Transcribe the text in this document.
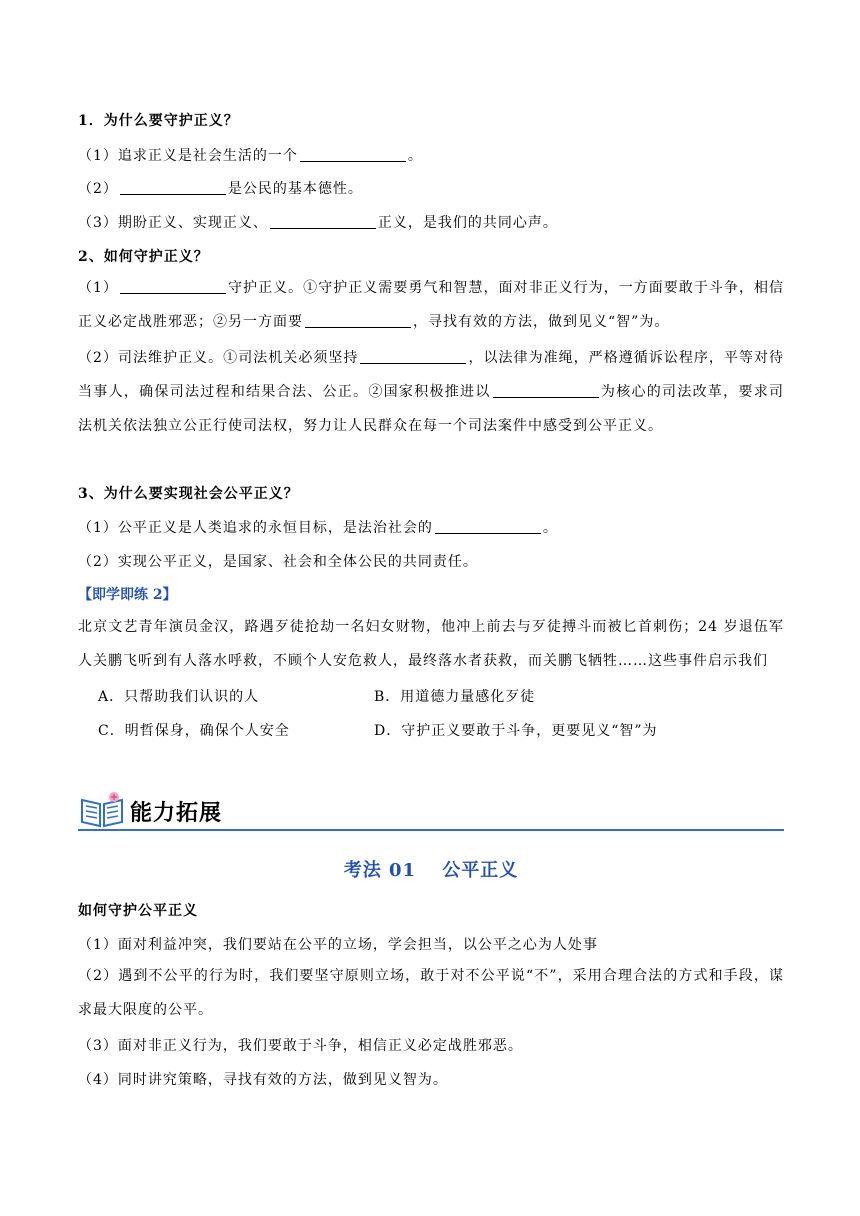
1．为什么要守护正义？
（1）追求正义是社会生活的一个	。
（2）	是公民的基本德性。
（3）期盼正义、实现正义、	正义，是我们的共同心声。
2、如何守护正义？
（1）	守护正义。①守护正义需要勇气和智慧，面对非正义行为，一方面要敢于斗争，相信正义必定战胜邪恶；②另一方面要	，寻找有效的方法，做到见义“智”为。
（2）司法维护正义。①司法机关必须坚持	，以法律为准绳，严格遵循诉讼程序，平等对待当事人，确保司法过程和结果合法、公正。②国家积极推进以	为核心的司法改革，要求司法机关依法独立公正行使司法权，努力让人民群众在每一个司法案件中感受到公平正义。
3、为什么要实现社会公平正义？
（1）公平正义是人类追求的永恒目标，是法治社会的	。
（2）实现公平正义，是国家、社会和全体公民的共同责任。
【即学即练 2】
北京文艺青年演员金汉，路遇歹徒抢劫一名妇女财物，他冲上前去与歹徒搏斗而被匕首刺伤；24 岁退伍军人关鹏飞听到有人落水呼救，不顾个人安危救人，最终落水者获救，而关鹏飞牺牲……这些事件启示我们
A．只帮助我们认识的人	B．用道德力量感化歹徒
C．明哲保身，确保个人安全	D．守护正义要敢于斗争，更要见义“智”为
能力拓展
考法 01　 公平正义
如何守护公平正义
（1）面对利益冲突，我们要站在公平的立场，学会担当，以公平之心为人处事
（2）遇到不公平的行为时，我们要坚守原则立场，敢于对不公平说“不”，采用合理合法的方式和手段，谋求最大限度的公平。
（3）面对非正义行为，我们要敢于斗争，相信正义必定战胜邪恶。
（4）同时讲究策略，寻找有效的方法，做到见义智为。
